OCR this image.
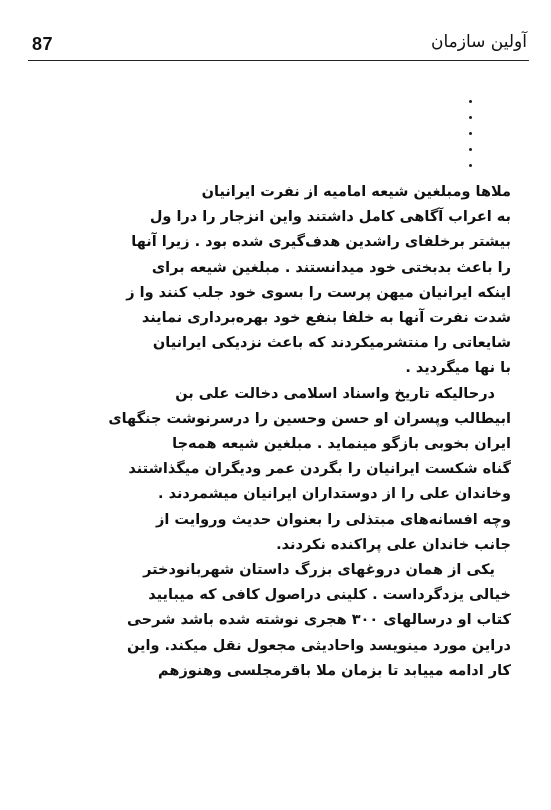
87	آولین سازمان
ملاها ومبلغین شیعه امامیه از نفرت ایرانیان
به اعراب آگاهی کامل داشتند واین انزجار را درا ول
بیشتر برخلفای راشدین هدف‌گیری شده بود . زیرا آنها
را باعث بدبختی خود میدانستند . مبلغین شیعه برای
اینکه ایرانیان میهن پرست را بسوی خود جلب کنند وا ز
شدت نفرت آنها به خلفا بنفع خود بهره‌برداری نمایند
شایعاتی را منتشرمیکردند که باعث نزدیکی ایرانیان
با نها میگردید .
درحالیکه تاریخ واسناد اسلامی دخالت علی بن
ابیطالب وپسران او حسن وحسین را درسرنوشت جنگهای
ایران بخوبی بازگو مینماید . مبلغین شیعه همه‌جا
گناه شکست ایرانیان را بگردن عمر ودیگران میگذاشتند
وخاندان علی را از دوستداران ایرانیان میشمردند .
وچه افسانه‌های مبتذلی را بعنوان حدیث وروایت از
جانب خاندان علی پراکنده نکردند.
یکی از همان دروغهای بزرگ داستان شهربانودختر
خیالی یزدگرداست . کلینی دراصول کافی که میبایید
کتاب او درسالهای ۳۰۰ هجری نوشته شده باشد شرحی
دراین مورد مینویسد واحادیثی مجعول نقل میکند. واین
کار ادامه مییابد تا بزمان ملا باقرمجلسی وهنوزهم
